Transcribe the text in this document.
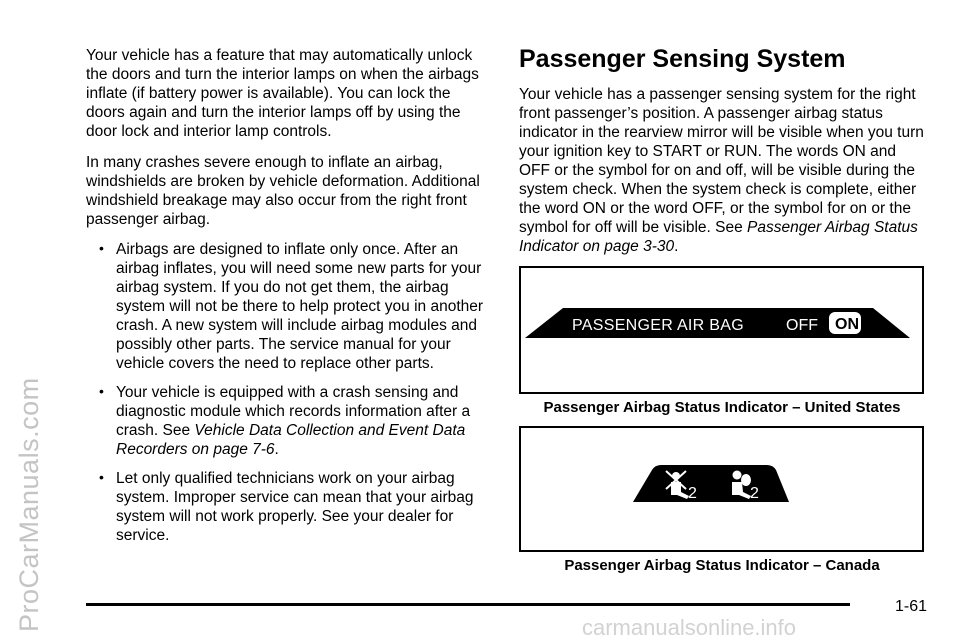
ProCarManuals.com

Your vehicle has a feature that may automatically unlock the doors and turn the interior lamps on when the airbags inflate (if battery power is available). You can lock the doors again and turn the interior lamps off by using the door lock and interior lamp controls.

In many crashes severe enough to inflate an airbag, windshields are broken by vehicle deformation. Additional windshield breakage may also occur from the right front passenger airbag.

• Airbags are designed to inflate only once. After an airbag inflates, you will need some new parts for your airbag system. If you do not get them, the airbag system will not be there to help protect you in another crash. A new system will include airbag modules and possibly other parts. The service manual for your vehicle covers the need to replace other parts.
• Your vehicle is equipped with a crash sensing and diagnostic module which records information after a crash. See Vehicle Data Collection and Event Data Recorders on page 7-6.
• Let only qualified technicians work on your airbag system. Improper service can mean that your airbag system will not work properly. See your dealer for service.
Passenger Sensing System

Your vehicle has a passenger sensing system for the right front passenger’s position. A passenger airbag status indicator in the rearview mirror will be visible when you turn your ignition key to START or RUN. The words ON and OFF or the symbol for on and off, will be visible during the system check. When the system check is complete, either the word ON or the word OFF, or the symbol for on or the symbol for off will be visible. See Passenger Airbag Status Indicator on page 3-30.

PASSENGER AIR BAG	OFF ON
Passenger Airbag Status Indicator – United States
2	2
Passenger Airbag Status Indicator – Canada
1-61
carmanualsonline.info
